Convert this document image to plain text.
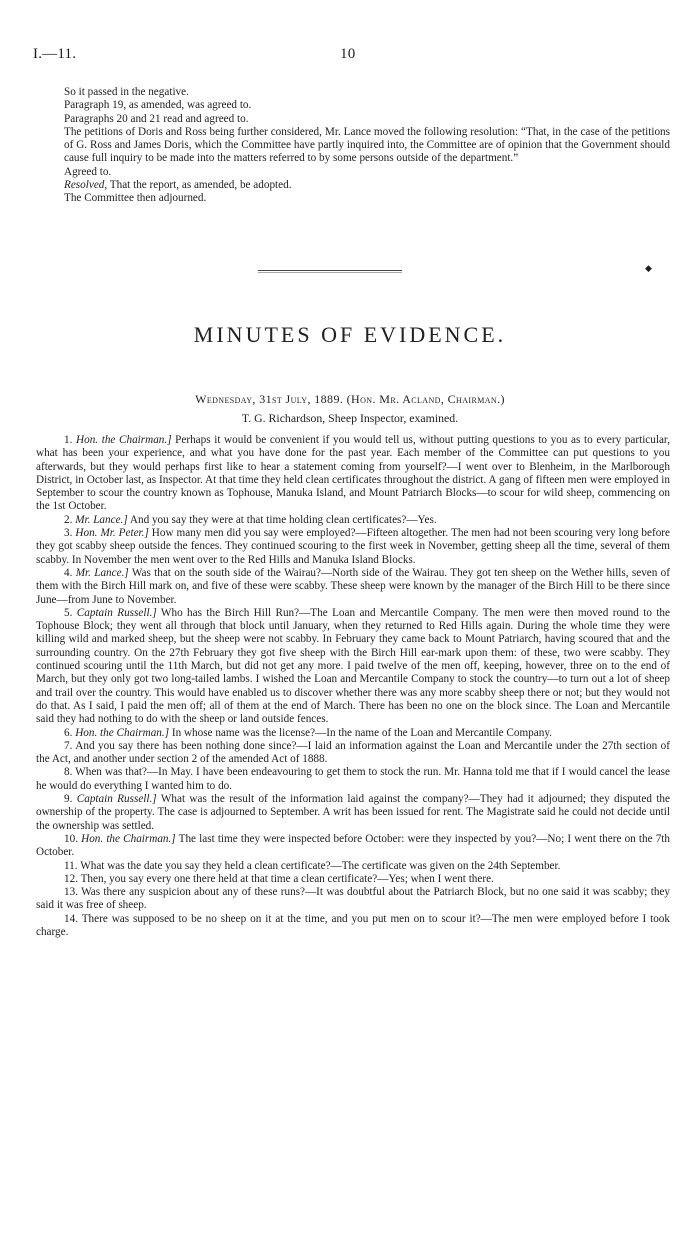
I.—11.	10

So it passed in the negative.

Paragraph 19, as amended, was agreed to.

Paragraphs 20 and 21 read and agreed to.

The petitions of Doris and Ross being further considered, Mr. Lance moved the following resolution: “That, in the case of the petitions of G. Ross and James Doris, which the Committee have partly inquired into, the Committee are of opinion that the Government should cause full inquiry to be made into the matters referred to by some persons outside of the department.”

Agreed to.

Resolved, That the report, as amended, be adopted.

The Committee then adjourned.

◆
MINUTES OF EVIDENCE.
Wednesday, 31st July, 1889. (Hon. Mr. Acland, Chairman.)
T. G. Richardson, Sheep Inspector, examined.

1. Hon. the Chairman.] Perhaps it would be convenient if you would tell us, without putting questions to you as to every particular, what has been your experience, and what you have done for the past year. Each member of the Committee can put questions to you afterwards, but they would perhaps first like to hear a statement coming from yourself?—I went over to Blenheim, in the Marlborough District, in October last, as Inspector. At that time they held clean certificates throughout the district. A gang of fifteen men were employed in September to scour the country known as Tophouse, Manuka Island, and Mount Patriarch Blocks—to scour for wild sheep, commencing on the 1st October.

2. Mr. Lance.] And you say they were at that time holding clean certificates?—Yes.

3. Hon. Mr. Peter.] How many men did you say were employed?—Fifteen altogether. The men had not been scouring very long before they got scabby sheep outside the fences. They continued scouring to the first week in November, getting sheep all the time, several of them scabby. In November the men went over to the Red Hills and Manuka Island Blocks.

4. Mr. Lance.] Was that on the south side of the Wairau?—North side of the Wairau. They got ten sheep on the Wether hills, seven of them with the Birch Hill mark on, and five of these were scabby. These sheep were known by the manager of the Birch Hill to be there since June—from June to November.

5. Captain Russell.] Who has the Birch Hill Run?—The Loan and Mercantile Company. The men were then moved round to the Tophouse Block; they went all through that block until January, when they returned to Red Hills again. During the whole time they were killing wild and marked sheep, but the sheep were not scabby. In February they came back to Mount Patriarch, having scoured that and the surrounding country. On the 27th February they got five sheep with the Birch Hill ear-mark upon them: of these, two were scabby. They continued scouring until the 11th March, but did not get any more. I paid twelve of the men off, keeping, however, three on to the end of March, but they only got two long-tailed lambs. I wished the Loan and Mercantile Company to stock the country—to turn out a lot of sheep and trail over the country. This would have enabled us to discover whether there was any more scabby sheep there or not; but they would not do that. As I said, I paid the men off; all of them at the end of March. There has been no one on the block since. The Loan and Mercantile said they had nothing to do with the sheep or land outside fences.

6. Hon. the Chairman.] In whose name was the license?—In the name of the Loan and Mercantile Company.

7. And you say there has been nothing done since?—I laid an information against the Loan and Mercantile under the 27th section of the Act, and another under section 2 of the amended Act of 1888.

8. When was that?—In May. I have been endeavouring to get them to stock the run. Mr. Hanna told me that if I would cancel the lease he would do everything I wanted him to do.

9. Captain Russell.] What was the result of the information laid against the company?—They had it adjourned; they disputed the ownership of the property. The case is adjourned to September. A writ has been issued for rent. The Magistrate said he could not decide until the ownership was settled.

10. Hon. the Chairman.] The last time they were inspected before October: were they inspected by you?—No; I went there on the 7th October.

11. What was the date you say they held a clean certificate?—The certificate was given on the 24th September.

12. Then, you say every one there held at that time a clean certificate?—Yes; when I went there.

13. Was there any suspicion about any of these runs?—It was doubtful about the Patriarch Block, but no one said it was scabby; they said it was free of sheep.

14. There was supposed to be no sheep on it at the time, and you put men on to scour it?—The men were employed before I took charge.
